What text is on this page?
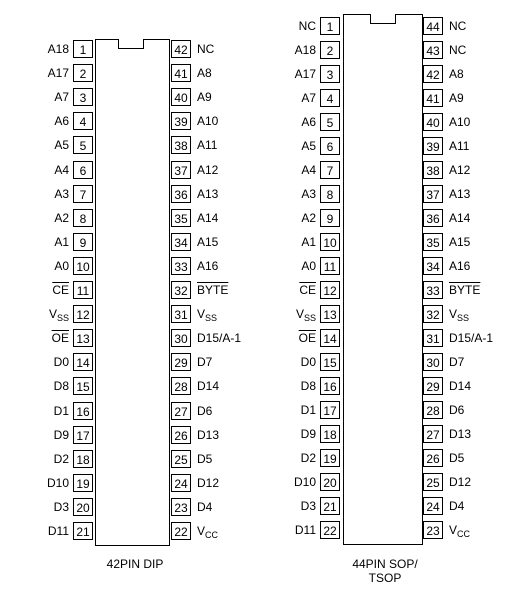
1
A18
2
A17
3
A7
4
A6
5
A5
6
A4
7
A3
8
A2
9
A1
10
A0
11
$\overline{CE}$
12
$V_{SS}$
13
$\overline{OE}$
14
D0
15
D8
16
D1
17
D9
18
D2
19
D10
20
D3
21
D11
42 NC
41 A8
40 A9
39 A10
38 A11
37 A12
36 A13
35 A14
34 A15
33 A16
32 BYTE
31 $V_{SS}$
30 D15/A-1
29 D7
28 D14
27 D6
26 D13
25 D5
24 D12
23 D4
22 $V_{CC}$
42PIN DIP
1
NC
2
A18
3
A17
4
A7
5
A6
6
A5
7
A4
8
A3
9
A2
10
A1
11
A0
12
$\overline{CE}$
13
$V_{SS}$
14
$\overline{OE}$
15
D0
16
D8
17
D1
18
D9
19
D2
20
D10
21
D3
22
D11
44 NC
43 NC
42 A8
41 A9
40 A10
39 A11
38 A12
37 A13
36 A14
35 A15
34 A16
33 BYTE
32 $V_{SS}$
31 D15/A-1
30 D7
29 D14
28 D6
27 D13
26 D5
25 D12
24 D4
23 $V_{CC}$
44PIN SOP/
TSOP
